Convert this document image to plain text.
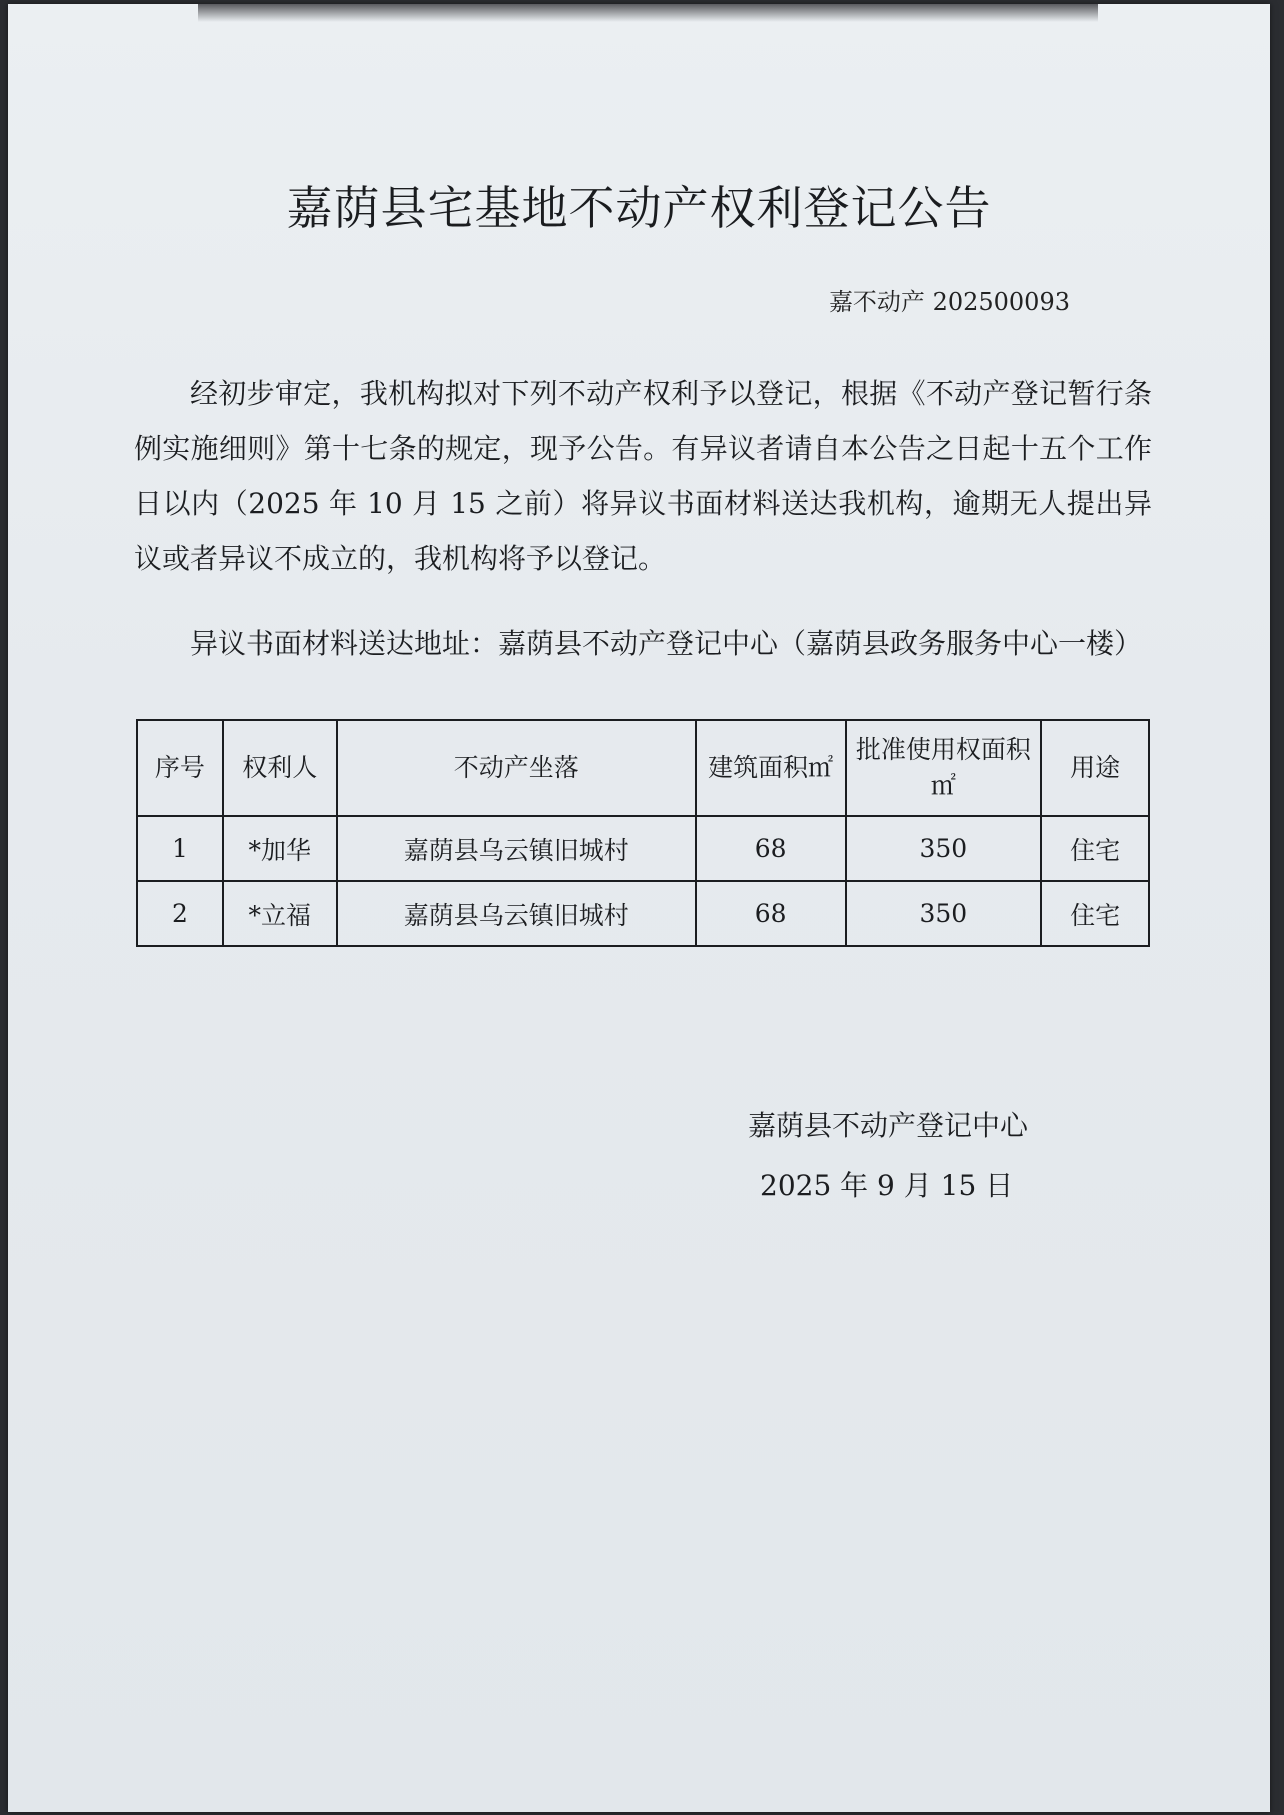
嘉荫县宅基地不动产权利登记公告
嘉不动产 202500093

经初步审定，我机构拟对下列不动产权利予以登记，根据《不动产登记暂行条例实施细则》第十七条的规定，现予公告。有异议者请自本公告之日起十五个工作日以内（2025 年 10 月 15 之前）将异议书面材料送达我机构，逾期无人提出异议或者异议不成立的，我机构将予以登记。

异议书面材料送达地址：嘉荫县不动产登记中心（嘉荫县政务服务中心一楼）

序号	权利人	不动产坐落	建筑面积㎡	批准使用权面积㎡	用途
1	*加华	嘉荫县乌云镇旧城村	68	350	住宅
2	*立福	嘉荫县乌云镇旧城村	68	350	住宅
嘉荫县不动产登记中心
2025 年 9 月 15 日
